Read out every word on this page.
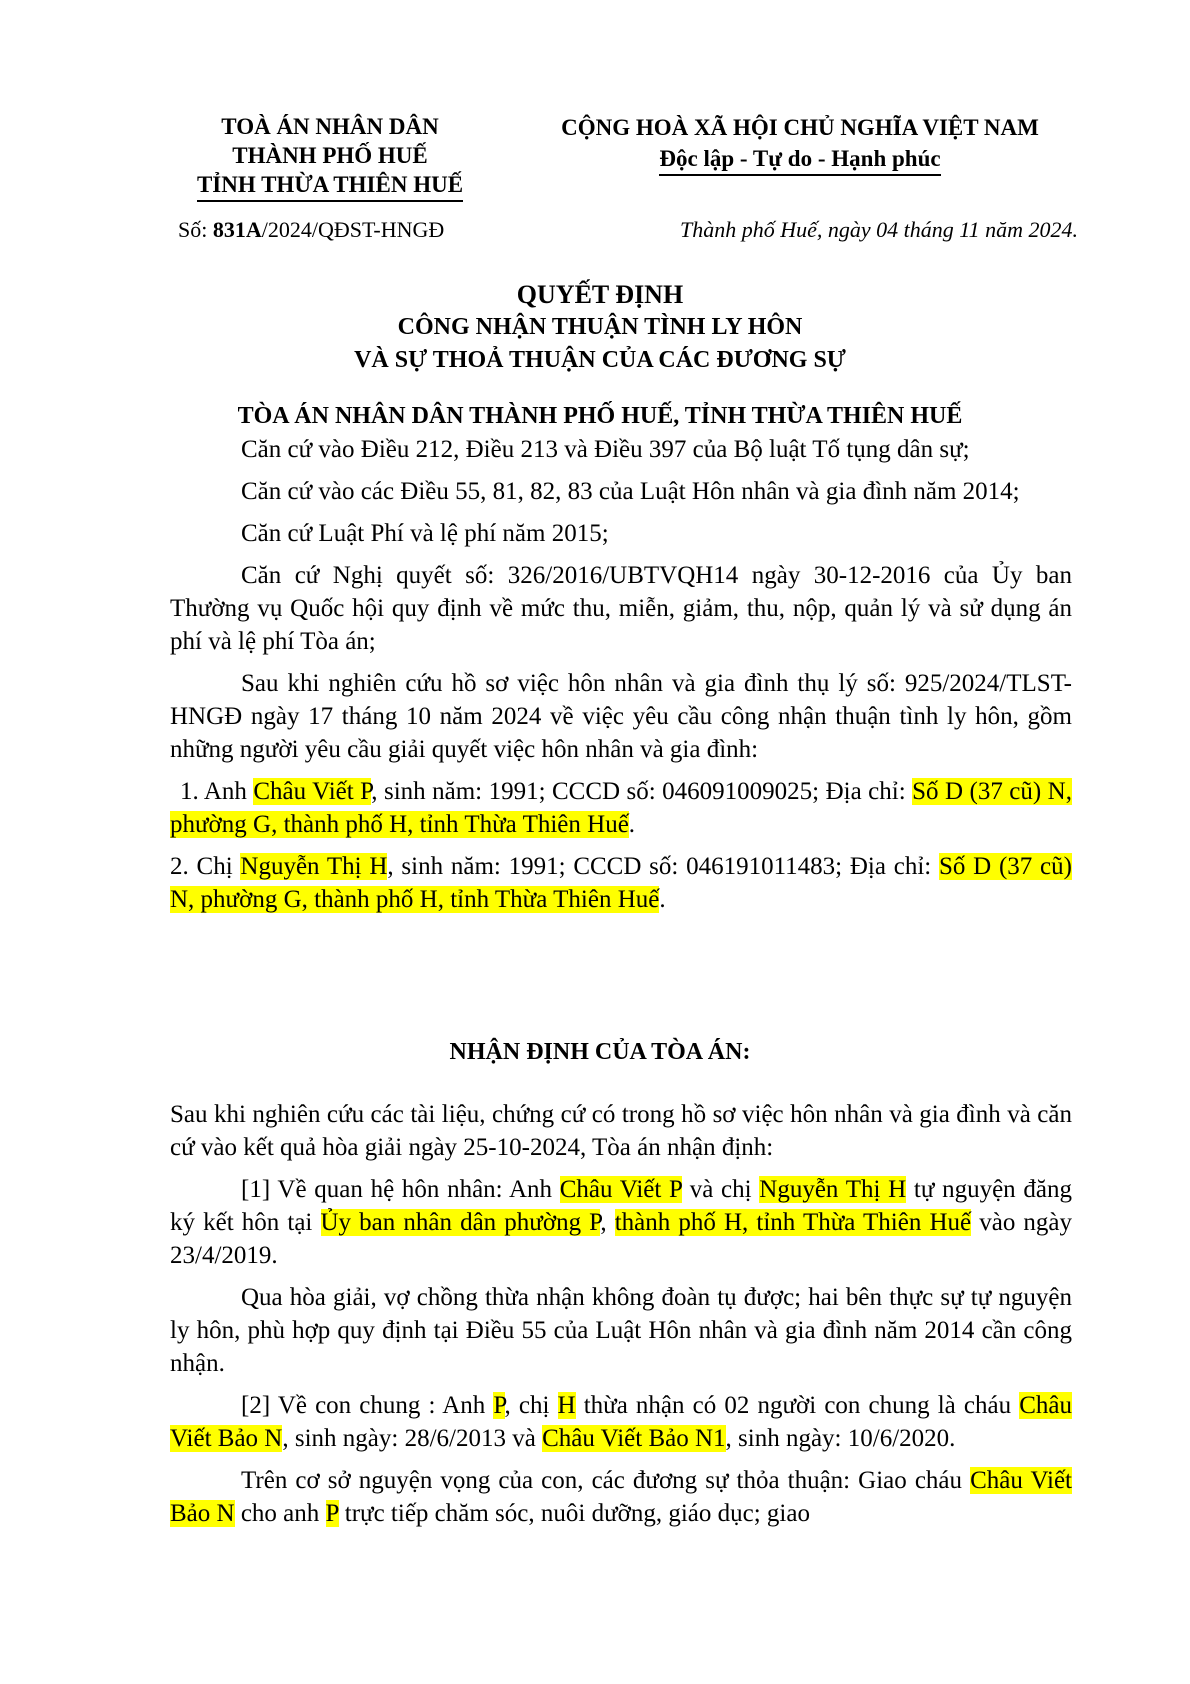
TOÀ ÁN NHÂN DÂN
THÀNH PHỐ HUẾ
TỈNH THỪA THIÊN HUẾ
CỘNG HOÀ XÃ HỘI CHỦ NGHĨA VIỆT NAM
Độc lập - Tự do - Hạnh phúc
Số: 831A/2024/QĐST-HNGĐ	Thành phố Huế, ngày 04 tháng 11 năm 2024.
QUYẾT ĐỊNH
CÔNG NHẬN THUẬN TÌNH LY HÔN
VÀ SỰ THOẢ THUẬN CỦA CÁC ĐƯƠNG SỰ
TÒA ÁN NHÂN DÂN THÀNH PHỐ HUẾ, TỈNH THỪA THIÊN HUẾ

Căn cứ vào Điều 212, Điều 213 và Điều 397 của Bộ luật Tố tụng dân sự;

Căn cứ vào các Điều 55, 81, 82, 83 của Luật Hôn nhân và gia đình năm 2014;

Căn cứ Luật Phí và lệ phí năm 2015;

Căn cứ Nghị quyết số: 326/2016/UBTVQH14 ngày 30-12-2016 của Ủy ban Thường vụ Quốc hội quy định về mức thu, miễn, giảm, thu, nộp, quản lý và sử dụng án phí và lệ phí Tòa án;

Sau khi nghiên cứu hồ sơ việc hôn nhân và gia đình thụ lý số: 925/2024/TLST-HNGĐ ngày 17 tháng 10 năm 2024 về việc yêu cầu công nhận thuận tình ly hôn, gồm những người yêu cầu giải quyết việc hôn nhân và gia đình:

1. Anh Châu Viết P, sinh năm: 1991; CCCD số: 046091009025; Địa chỉ: Số D (37 cũ) N, phường G, thành phố H, tỉnh Thừa Thiên Huế.

2. Chị Nguyễn Thị H, sinh năm: 1991; CCCD số: 046191011483; Địa chỉ: Số D (37 cũ) N, phường G, thành phố H, tỉnh Thừa Thiên Huế.

NHẬN ĐỊNH CỦA TÒA ÁN:

Sau khi nghiên cứu các tài liệu, chứng cứ có trong hồ sơ việc hôn nhân và gia đình và căn cứ vào kết quả hòa giải ngày 25-10-2024, Tòa án nhận định:

[1] Về quan hệ hôn nhân: Anh Châu Viết P và chị Nguyễn Thị H tự nguyện đăng ký kết hôn tại Ủy ban nhân dân phường P, thành phố H, tỉnh Thừa Thiên Huế vào ngày 23/4/2019.

Qua hòa giải, vợ chồng thừa nhận không đoàn tụ được; hai bên thực sự tự nguyện ly hôn, phù hợp quy định tại Điều 55 của Luật Hôn nhân và gia đình năm 2014 cần công nhận.

[2] Về con chung : Anh P, chị H thừa nhận có 02 người con chung là cháu Châu Viết Bảo N, sinh ngày: 28/6/2013 và Châu Viết Bảo N1, sinh ngày: 10/6/2020.

Trên cơ sở nguyện vọng của con, các đương sự thỏa thuận: Giao cháu Châu Viết Bảo N cho anh P trực tiếp chăm sóc, nuôi dưỡng, giáo dục; giao
